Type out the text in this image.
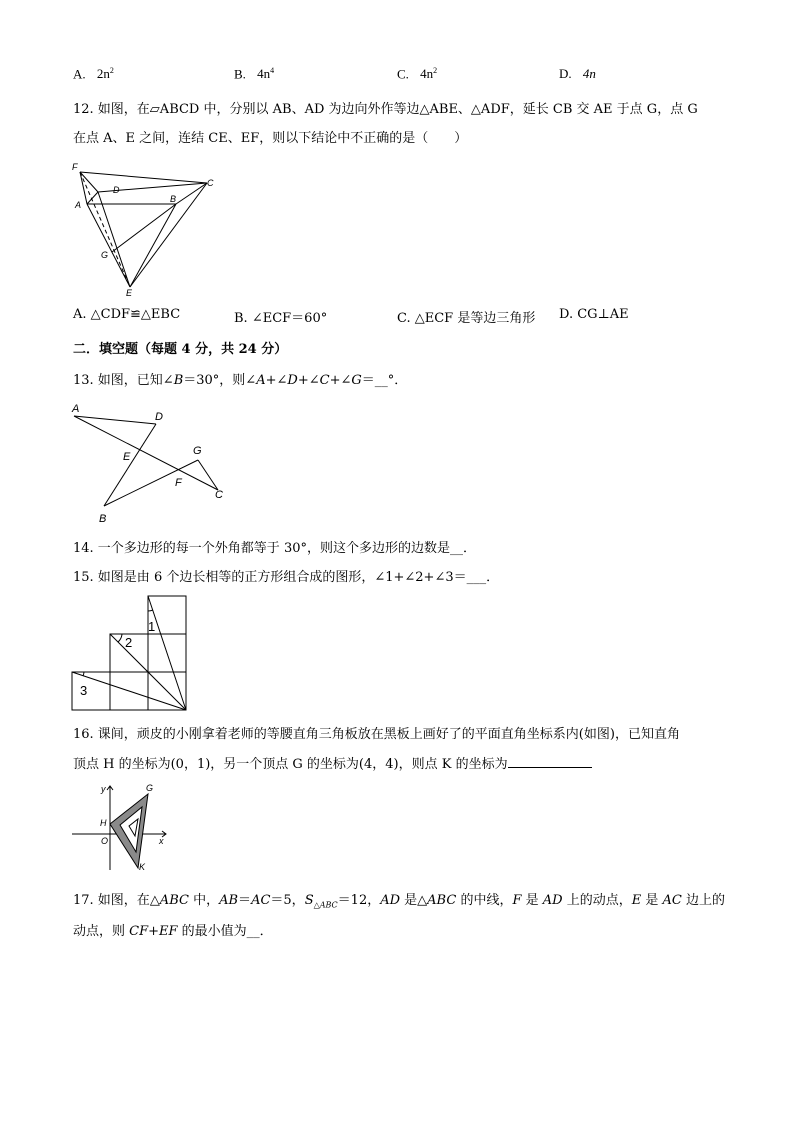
A. $2n^2$	B. $4n^4$	C. $4n^2$	D. 4n
12. 如图，在▱ABCD 中，分别以 AB、AD 为边向外作等边△ABE、△ADF，延长 CB 交 AE 于点 G，点 G
在点 A、E 之间，连结 CE、EF，则以下结论中不正确的是（　　）
F
D
C
A
B
G
E
A. △CDF≌△EBC	B. ∠ECF＝60°	C. △ECF 是等边三角形 D. CG⊥AE
二．填空题（每题 4 分，共 24 分）
13. 如图，已知∠B＝30°，则∠A+∠D+∠C+∠G＝__°．
A
D
E	G
F
C
B
14. 一个多边形的每一个外角都等于 30°，则这个多边形的边数是__．
15. 如图是由 6 个边长相等的正方形组合成的图形，∠1+∠2+∠3＝___．
1
2
3
16. 课间，顽皮的小刚拿着老师的等腰直角三角板放在黑板上画好了的平面直角坐标系内(如图)，已知直角
顶点 H 的坐标为(0，1)，另一个顶点 G 的坐标为(4，4)，则点 K 的坐标为
y	G
H
O	x
K
17. 如图，在△ABC 中，AB＝AC＝5，$S_{\triangle ABC}=12$，AD 是△ABC 的中线，F 是 AD 上的动点，E 是 AC 边上的
动点，则 CF+EF 的最小值为__．
